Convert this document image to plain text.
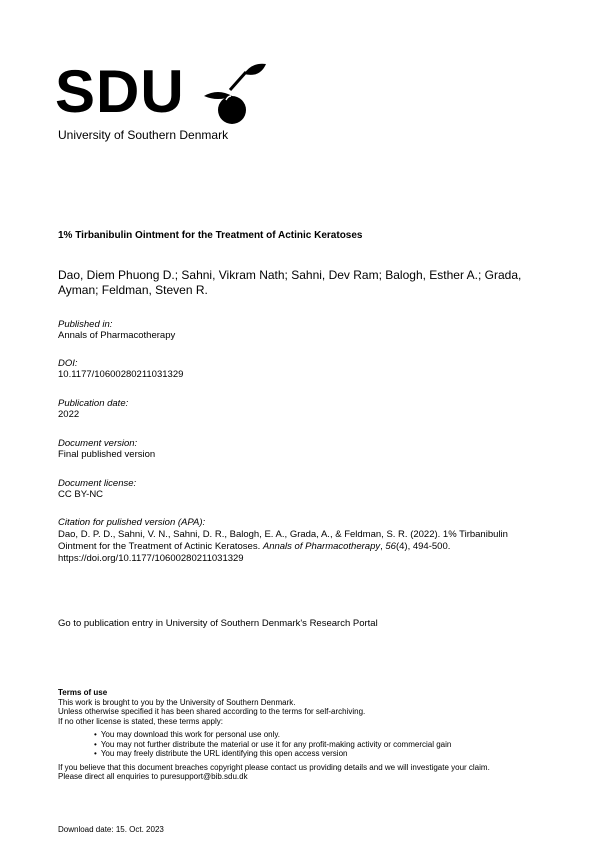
SDU
University of Southern Denmark
1% Tirbanibulin Ointment for the Treatment of Actinic Keratoses
Dao, Diem Phuong D.; Sahni, Vikram Nath; Sahni, Dev Ram; Balogh, Esther A.; Grada, Ayman; Feldman, Steven R.
Published in:
Annals of Pharmacotherapy
DOI:
10.1177/10600280211031329
Publication date:
2022
Document version:
Final published version
Document license:
CC BY-NC
Citation for pulished version (APA):
Dao, D. P. D., Sahni, V. N., Sahni, D. R., Balogh, E. A., Grada, A., & Feldman, S. R. (2022). 1% Tirbanibulin Ointment for the Treatment of Actinic Keratoses. Annals of Pharmacotherapy, 56(4), 494-500.
https://doi.org/10.1177/10600280211031329
Go to publication entry in University of Southern Denmark's Research Portal
Terms of use
This work is brought to you by the University of Southern Denmark.
Unless otherwise specified it has been shared according to the terms for self-archiving.
If no other license is stated, these terms apply:
• You may download this work for personal use only.
• You may not further distribute the material or use it for any profit-making activity or commercial gain
• You may freely distribute the URL identifying this open access version
If you believe that this document breaches copyright please contact us providing details and we will investigate your claim.
Please direct all enquiries to puresupport@bib.sdu.dk
Download date: 15. Oct. 2023
